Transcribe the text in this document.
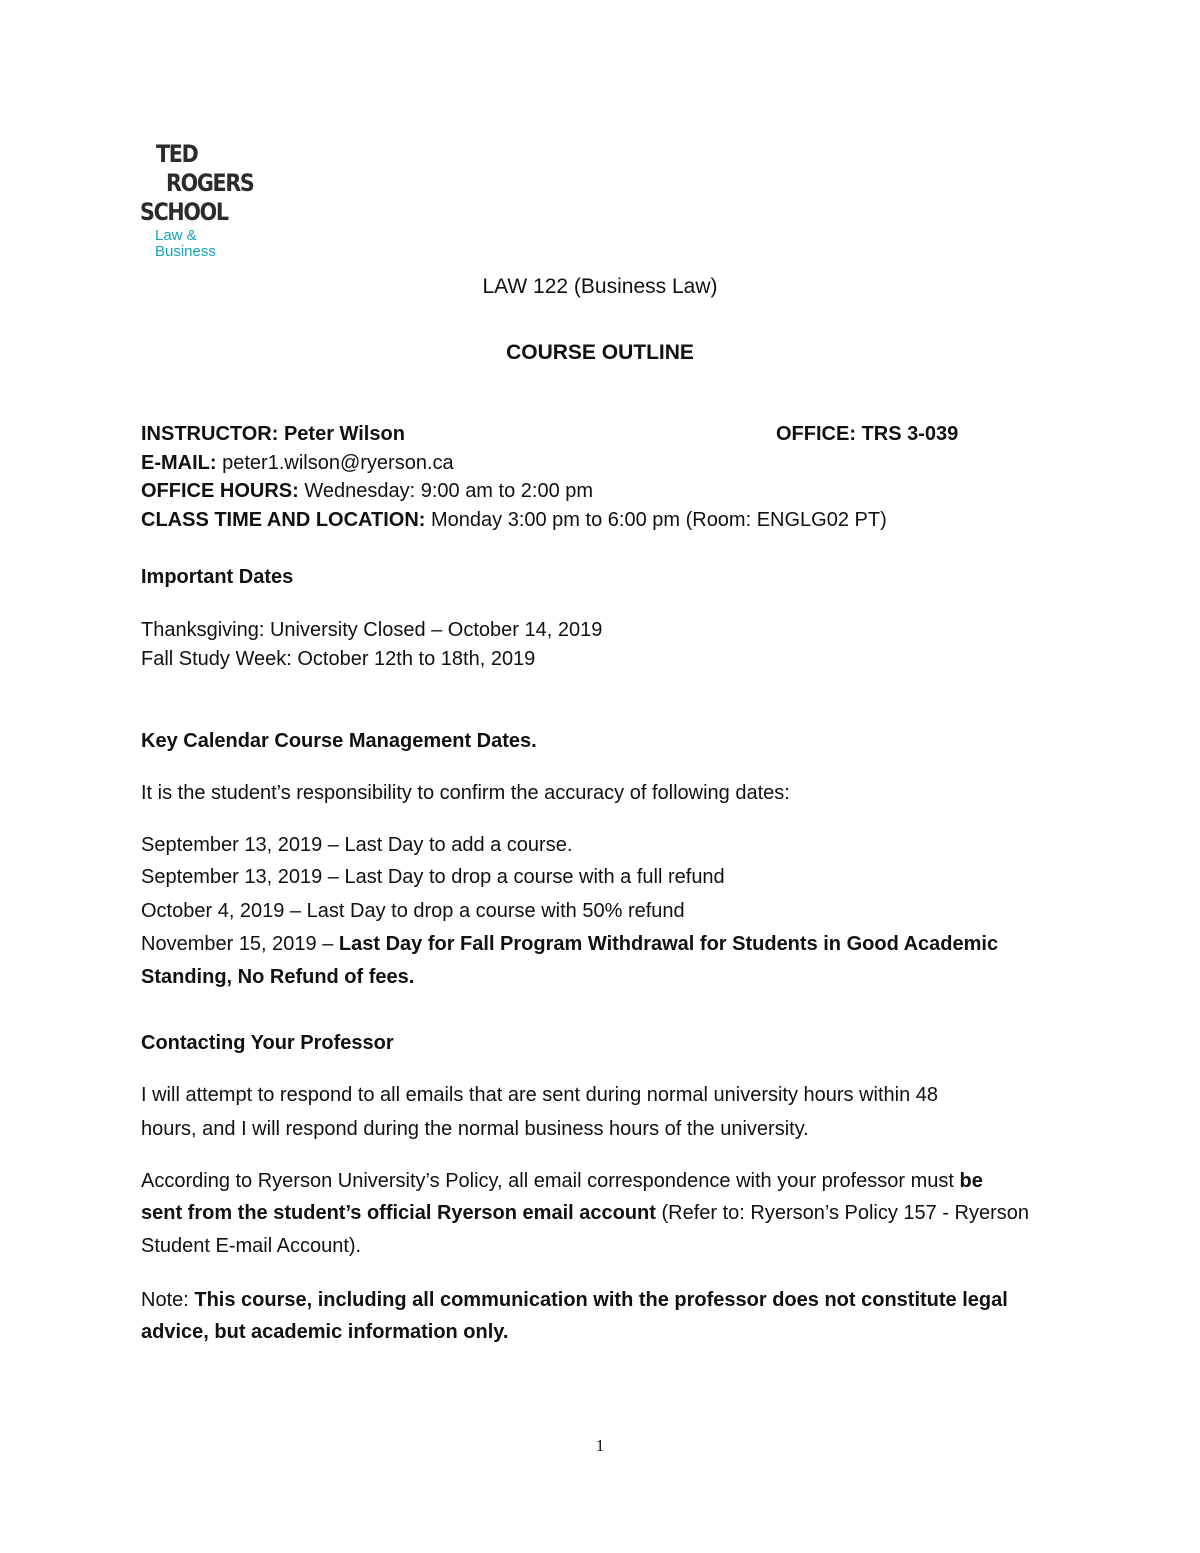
TED
ROGERS
SCHOOL
Law &
Business
LAW 122 (Business Law)
COURSE OUTLINE
INSTRUCTOR: Peter Wilson	OFFICE: TRS 3-039
E-MAIL: peter1.wilson@ryerson.ca
OFFICE HOURS: Wednesday: 9:00 am to 2:00 pm
CLASS TIME AND LOCATION: Monday 3:00 pm to 6:00 pm (Room: ENGLG02 PT)
Important Dates
Thanksgiving: University Closed – October 14, 2019
Fall Study Week: October 12th to 18th, 2019
Key Calendar Course Management Dates.
It is the student’s responsibility to confirm the accuracy of following dates:
September 13, 2019 – Last Day to add a course.
September 13, 2019 – Last Day to drop a course with a full refund
October 4, 2019 – Last Day to drop a course with 50% refund
November 15, 2019 – Last Day for Fall Program Withdrawal for Students in Good Academic
Standing, No Refund of fees.
Contacting Your Professor
I will attempt to respond to all emails that are sent during normal university hours within 48
hours, and I will respond during the normal business hours of the university.
According to Ryerson University’s Policy, all email correspondence with your professor must be
sent from the student’s official Ryerson email account (Refer to: Ryerson’s Policy 157 - Ryerson
Student E-mail Account).
Note: This course, including all communication with the professor does not constitute legal
advice, but academic information only.
1
